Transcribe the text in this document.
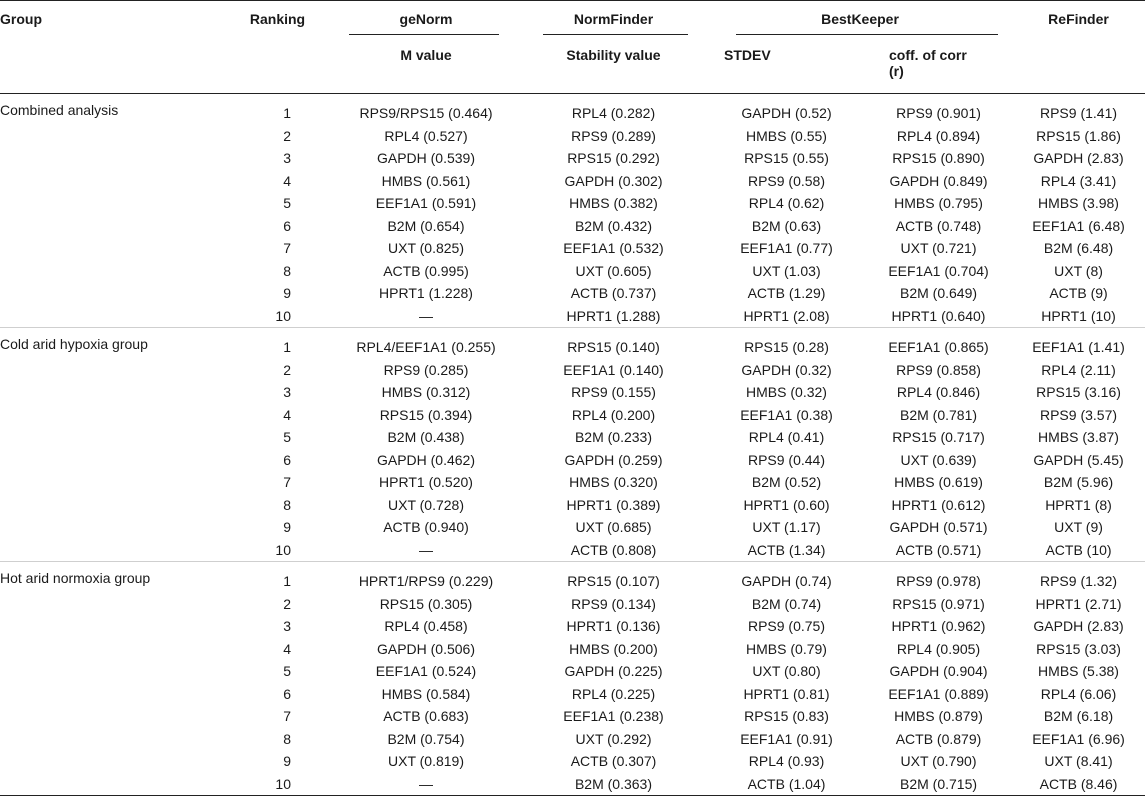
Group	Ranking	geNorm	NormFinder	BestKeeper		ReFinder

		M value	Stability value	STDEV	coff. of corr (r)	

Combined analysis	1	RPS9/RPS15 (0.464)	RPL4 (0.282)	GAPDH (0.52)	RPS9 (0.901)	RPS9 (1.41)
	2	RPL4 (0.527)	RPS9 (0.289)	HMBS (0.55)	RPL4 (0.894)	RPS15 (1.86)
	3	GAPDH (0.539)	RPS15 (0.292)	RPS15 (0.55)	RPS15 (0.890)	GAPDH (2.83)
	4	HMBS (0.561)	GAPDH (0.302)	RPS9 (0.58)	GAPDH (0.849)	RPL4 (3.41)
	5	EEF1A1 (0.591)	HMBS (0.382)	RPL4 (0.62)	HMBS (0.795)	HMBS (3.98)
	6	B2M (0.654)	B2M (0.432)	B2M (0.63)	ACTB (0.748)	EEF1A1 (6.48)
	7	UXT (0.825)	EEF1A1 (0.532)	EEF1A1 (0.77)	UXT (0.721)	B2M (6.48)
	8	ACTB (0.995)	UXT (0.605)	UXT (1.03)	EEF1A1 (0.704)	UXT (8)
	9	HPRT1 (1.228)	ACTB (0.737)	ACTB (1.29)	B2M (0.649)	ACTB (9)
	10	—	HPRT1 (1.288)	HPRT1 (2.08)	HPRT1 (0.640)	HPRT1 (10)
Cold arid hypoxia group	1	RPL4/EEF1A1 (0.255)	RPS15 (0.140)	RPS15 (0.28)	EEF1A1 (0.865)	EEF1A1 (1.41)
	2	RPS9 (0.285)	EEF1A1 (0.140)	GAPDH (0.32)	RPS9 (0.858)	RPL4 (2.11)
	3	HMBS (0.312)	RPS9 (0.155)	HMBS (0.32)	RPL4 (0.846)	RPS15 (3.16)
	4	RPS15 (0.394)	RPL4 (0.200)	EEF1A1 (0.38)	B2M (0.781)	RPS9 (3.57)
	5	B2M (0.438)	B2M (0.233)	RPL4 (0.41)	RPS15 (0.717)	HMBS (3.87)
	6	GAPDH (0.462)	GAPDH (0.259)	RPS9 (0.44)	UXT (0.639)	GAPDH (5.45)
	7	HPRT1 (0.520)	HMBS (0.320)	B2M (0.52)	HMBS (0.619)	B2M (5.96)
	8	UXT (0.728)	HPRT1 (0.389)	HPRT1 (0.60)	HPRT1 (0.612)	HPRT1 (8)
	9	ACTB (0.940)	UXT (0.685)	UXT (1.17)	GAPDH (0.571)	UXT (9)
	10	—	ACTB (0.808)	ACTB (1.34)	ACTB (0.571)	ACTB (10)
Hot arid normoxia group	1	HPRT1/RPS9 (0.229)	RPS15 (0.107)	GAPDH (0.74)	RPS9 (0.978)	RPS9 (1.32)
	2	RPS15 (0.305)	RPS9 (0.134)	B2M (0.74)	RPS15 (0.971)	HPRT1 (2.71)
	3	RPL4 (0.458)	HPRT1 (0.136)	RPS9 (0.75)	HPRT1 (0.962)	GAPDH (2.83)
	4	GAPDH (0.506)	HMBS (0.200)	HMBS (0.79)	RPL4 (0.905)	RPS15 (3.03)
	5	EEF1A1 (0.524)	GAPDH (0.225)	UXT (0.80)	GAPDH (0.904)	HMBS (5.38)
	6	HMBS (0.584)	RPL4 (0.225)	HPRT1 (0.81)	EEF1A1 (0.889)	RPL4 (6.06)
	7	ACTB (0.683)	EEF1A1 (0.238)	RPS15 (0.83)	HMBS (0.879)	B2M (6.18)
	8	B2M (0.754)	UXT (0.292)	EEF1A1 (0.91)	ACTB (0.879)	EEF1A1 (6.96)
	9	UXT (0.819)	ACTB (0.307)	RPL4 (0.93)	UXT (0.790)	UXT (8.41)
	10	—	B2M (0.363)	ACTB (1.04)	B2M (0.715)	ACTB (8.46)
